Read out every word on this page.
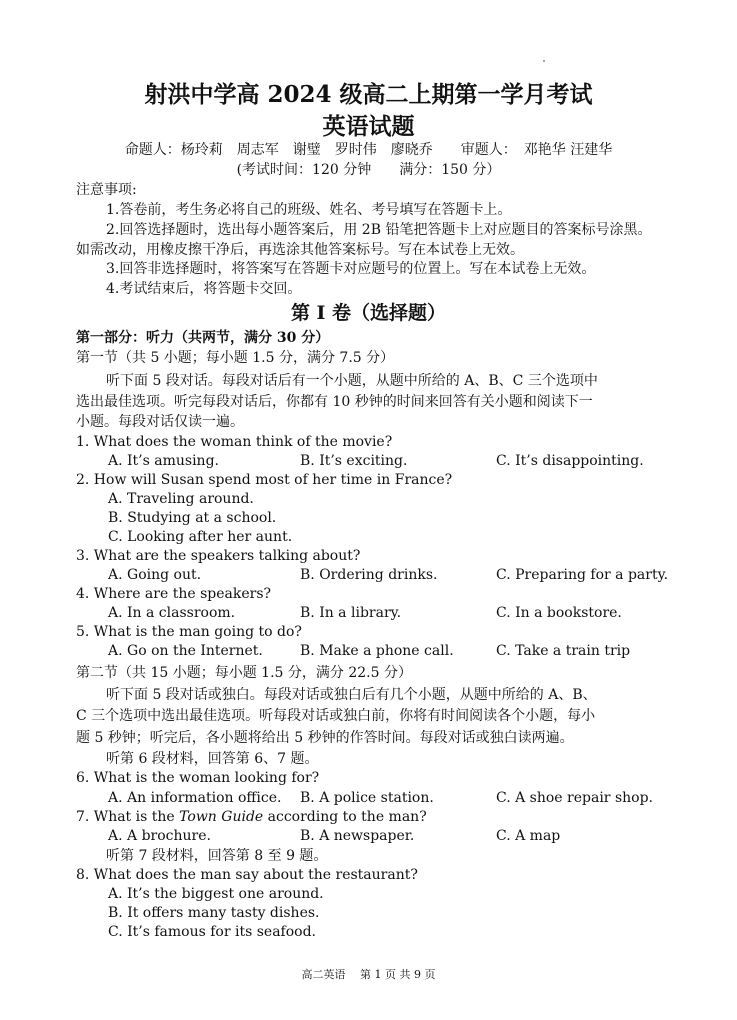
射洪中学高 2024 级高二上期第一学月考试
英语试题
命题人：杨玲莉　周志军　谢璧　罗时伟　廖晓乔　　审题人：　邓艳华 汪建华
(考试时间：120 分钟　　满分：150 分）
注意事项:
1.答卷前，考生务必将自己的班级、姓名、考号填写在答题卡上。
2.回答选择题时，选出每小题答案后，用 2B 铅笔把答题卡上对应题目的答案标号涂黑。
如需改动，用橡皮擦干净后，再选涂其他答案标号。写在本试卷上无效。
3.回答非选择题时，将答案写在答题卡对应题号的位置上。写在本试卷上无效。
4.考试结束后，将答题卡交回。
第 I 卷（选择题）
第一部分：听力（共两节，满分 30 分）
第一节（共 5 小题；每小题 1.5 分，满分 7.5 分）
听下面 5 段对话。每段对话后有一个小题，从题中所给的 A、B、C 三个选项中
选出最佳选项。听完每段对话后，你都有 10 秒钟的时间来回答有关小题和阅读下一
小题。每段对话仅读一遍。
1. What does the woman think of the movie?
A. It’s amusing.	B. It’s exciting.	C. It’s disappointing.
2. How will Susan spend most of her time in France?
A. Traveling around.
B. Studying at a school.
C. Looking after her aunt.
3. What are the speakers talking about?
A. Going out.	B. Ordering drinks.	C. Preparing for a party.
4. Where are the speakers?
A. In a classroom.	B. In a library.	C. In a bookstore.
5. What is the man going to do?
A. Go on the Internet.	B. Make a phone call.	C. Take a train trip
第二节（共 15 小题；每小题 1.5 分，满分 22.5 分）
听下面 5 段对话或独白。每段对话或独白后有几个小题，从题中所给的 A、B、
C 三个选项中选出最佳选项。听每段对话或独白前，你将有时间阅读各个小题，每小
题 5 秒钟；听完后，各小题将给出 5 秒钟的作答时间。每段对话或独白读两遍。
听第 6 段材料，回答第 6、7 题。
6. What is the woman looking for?
A. An information office. B. A police station.	C. A shoe repair shop.
7. What is the Town Guide according to the man?
A. A brochure.	B. A newspaper.	C. A map
听第 7 段材料，回答第 8 至 9 题。
8. What does the man say about the restaurant?
A. It’s the biggest one around.
B. It offers many tasty dishes.
C. It’s famous for its seafood.
高二英语　 第 1 页 共 9 页
